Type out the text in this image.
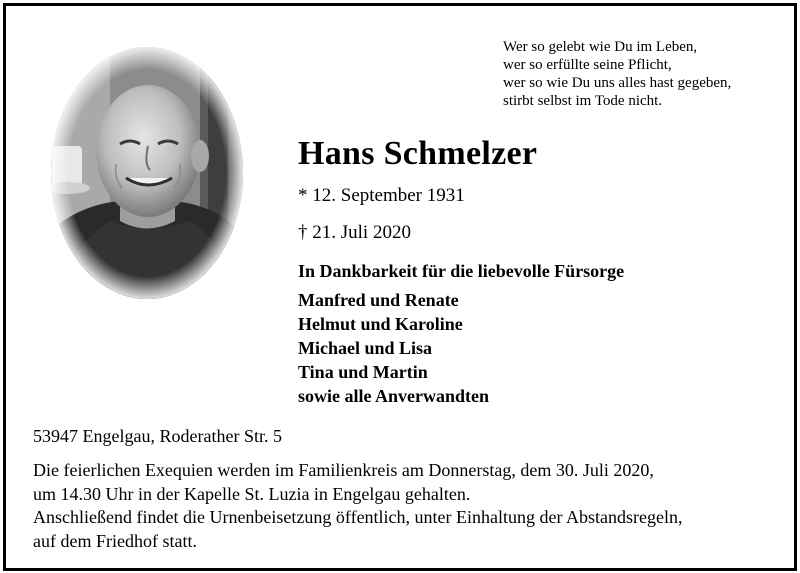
Wer so gelebt wie Du im Leben,
wer so erfüllte seine Pflicht,
wer so wie Du uns alles hast gegeben,
stirbt selbst im Tode nicht.
Hans Schmelzer
* 12. September 1931
† 21. Juli 2020
In Dankbarkeit für die liebevolle Fürsorge
Manfred und Renate
Helmut und Karoline
Michael und Lisa
Tina und Martin
sowie alle Anverwandten
53947 Engelgau, Roderather Str. 5
Die feierlichen Exequien werden im Familienkreis am Donnerstag, dem 30. Juli 2020,
um 14.30 Uhr in der Kapelle St. Luzia in Engelgau gehalten.
Anschließend findet die Urnenbeisetzung öffentlich, unter Einhaltung der Abstandsregeln,
auf dem Friedhof statt.
